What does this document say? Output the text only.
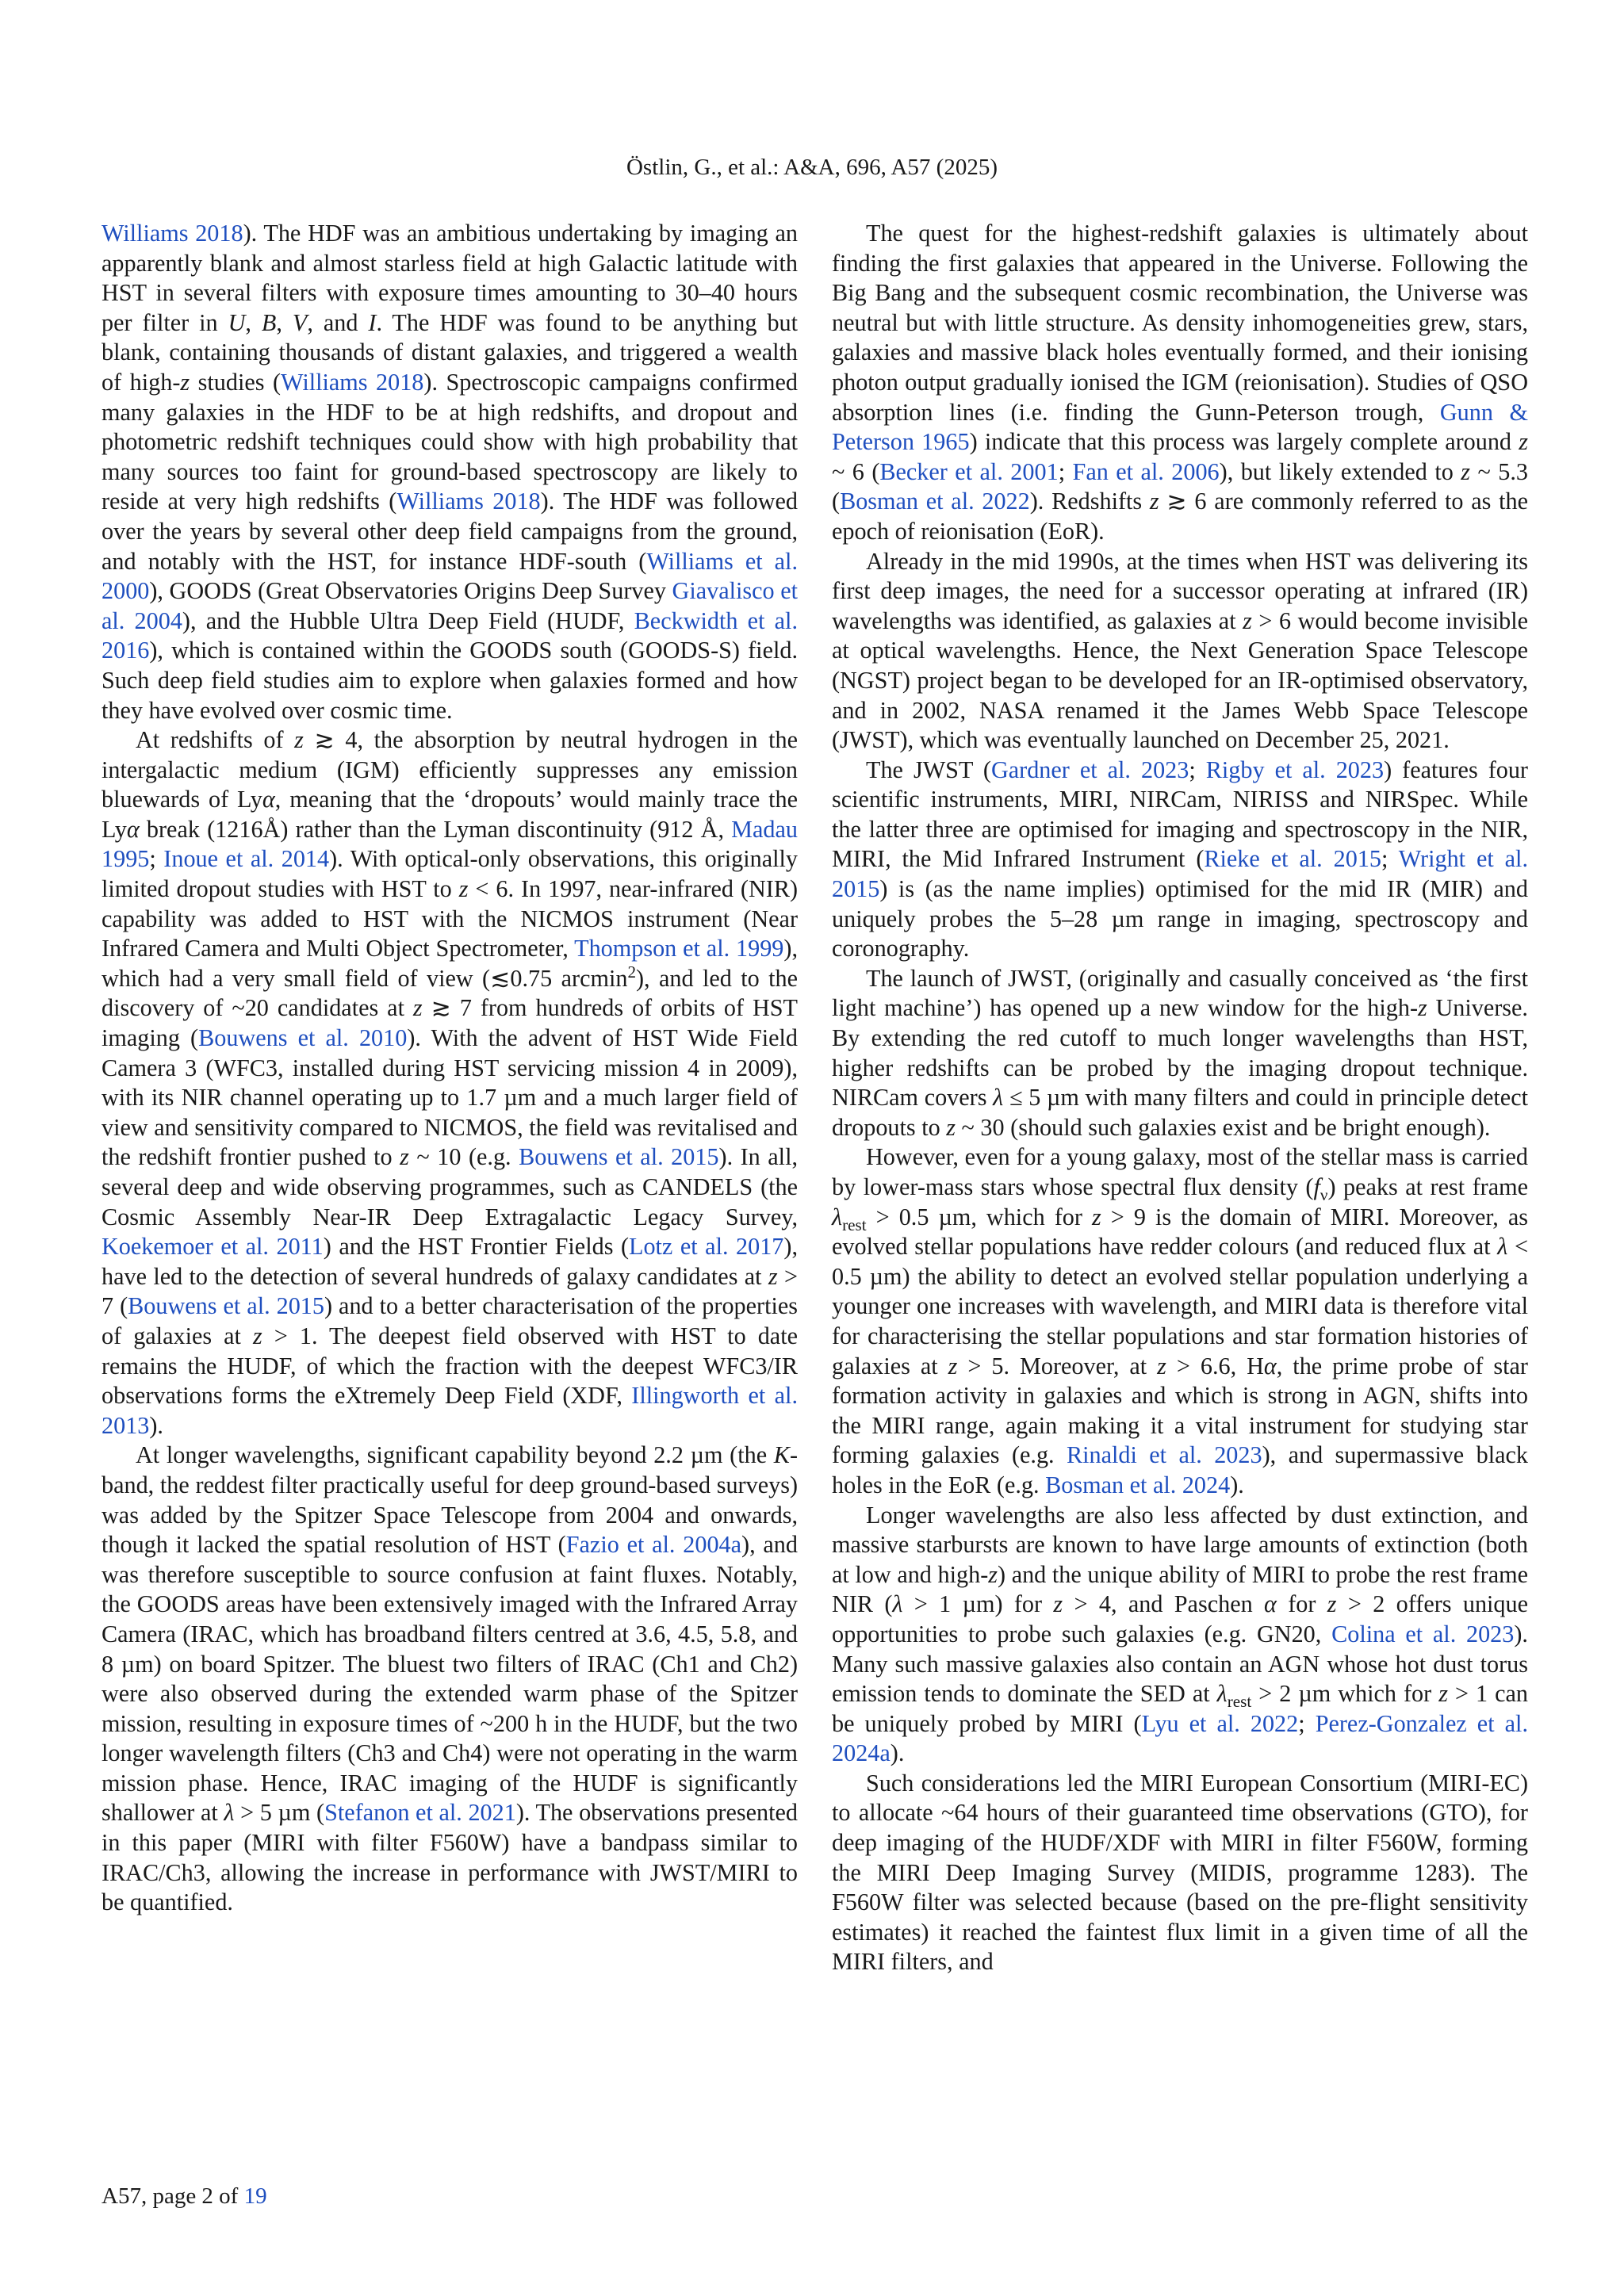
Östlin, G., et al.: A&A, 696, A57 (2025)

Williams 2018). The HDF was an ambitious undertaking by imaging an apparently blank and almost starless field at high Galactic latitude with HST in several filters with exposure times amounting to 30–40 hours per filter in U, B, V, and I. The HDF was found to be anything but blank, containing thousands of distant galaxies, and triggered a wealth of high-z studies (Williams 2018). Spectroscopic campaigns confirmed many galaxies in the HDF to be at high redshifts, and dropout and photometric redshift techniques could show with high probability that many sources too faint for ground-based spectroscopy are likely to reside at very high redshifts (Williams 2018). The HDF was followed over the years by several other deep field campaigns from the ground, and notably with the HST, for instance HDF-south (Williams et al. 2000), GOODS (Great Observatories Origins Deep Survey Giavalisco et al. 2004), and the Hubble Ultra Deep Field (HUDF, Beckwidth et al. 2016), which is contained within the GOODS south (GOODS-S) field. Such deep field studies aim to explore when galaxies formed and how they have evolved over cosmic time.

At redshifts of z ≳ 4, the absorption by neutral hydrogen in the intergalactic medium (IGM) efficiently suppresses any emission bluewards of Lyα, meaning that the ‘dropouts’ would mainly trace the Lyα break (1216Å) rather than the Lyman discontinuity (912 Å, Madau 1995; Inoue et al. 2014). With optical-only observations, this originally limited dropout studies with HST to z < 6. In 1997, near-infrared (NIR) capability was added to HST with the NICMOS instrument (Near Infrared Camera and Multi Object Spectrometer, Thompson et al. 1999), which had a very small field of view (≲0.75 arcmin$^2$), and led to the discovery of ~20 candidates at z ≳ 7 from hundreds of orbits of HST imaging (Bouwens et al. 2010). With the advent of HST Wide Field Camera 3 (WFC3, installed during HST servicing mission 4 in 2009), with its NIR channel operating up to 1.7 µm and a much larger field of view and sensitivity compared to NICMOS, the field was revitalised and the redshift frontier pushed to z ~ 10 (e.g. Bouwens et al. 2015). In all, several deep and wide observing programmes, such as CANDELS (the Cosmic Assembly Near-IR Deep Extragalactic Legacy Survey, Koekemoer et al. 2011) and the HST Frontier Fields (Lotz et al. 2017), have led to the detection of several hundreds of galaxy candidates at z > 7 (Bouwens et al. 2015) and to a better characterisation of the properties of galaxies at z > 1. The deepest field observed with HST to date remains the HUDF, of which the fraction with the deepest WFC3/IR observations forms the eXtremely Deep Field (XDF, Illingworth et al. 2013).

At longer wavelengths, significant capability beyond 2.2 µm (the K-band, the reddest filter practically useful for deep ground-based surveys) was added by the Spitzer Space Telescope from 2004 and onwards, though it lacked the spatial resolution of HST (Fazio et al. 2004a), and was therefore susceptible to source confusion at faint fluxes. Notably, the GOODS areas have been extensively imaged with the Infrared Array Camera (IRAC, which has broadband filters centred at 3.6, 4.5, 5.8, and 8 µm) on board Spitzer. The bluest two filters of IRAC (Ch1 and Ch2) were also observed during the extended warm phase of the Spitzer mission, resulting in exposure times of ~200 h in the HUDF, but the two longer wavelength filters (Ch3 and Ch4) were not operating in the warm mission phase. Hence, IRAC imaging of the HUDF is significantly shallower at λ > 5 µm (Stefanon et al. 2021). The observations presented in this paper (MIRI with filter F560W) have a bandpass similar to IRAC/Ch3, allowing the increase in performance with JWST/MIRI to be quantified.

The quest for the highest-redshift galaxies is ultimately about finding the first galaxies that appeared in the Universe. Following the Big Bang and the subsequent cosmic recombination, the Universe was neutral but with little structure. As density inhomogeneities grew, stars, galaxies and massive black holes eventually formed, and their ionising photon output gradually ionised the IGM (reionisation). Studies of QSO absorption lines (i.e. finding the Gunn-Peterson trough, Gunn & Peterson 1965) indicate that this process was largely complete around z ~ 6 (Becker et al. 2001; Fan et al. 2006), but likely extended to z ~ 5.3 (Bosman et al. 2022). Redshifts z ≳ 6 are commonly referred to as the epoch of reionisation (EoR).

Already in the mid 1990s, at the times when HST was delivering its first deep images, the need for a successor operating at infrared (IR) wavelengths was identified, as galaxies at z > 6 would become invisible at optical wavelengths. Hence, the Next Generation Space Telescope (NGST) project began to be developed for an IR-optimised observatory, and in 2002, NASA renamed it the James Webb Space Telescope (JWST), which was eventually launched on December 25, 2021.

The JWST (Gardner et al. 2023; Rigby et al. 2023) features four scientific instruments, MIRI, NIRCam, NIRISS and NIRSpec. While the latter three are optimised for imaging and spectroscopy in the NIR, MIRI, the Mid Infrared Instrument (Rieke et al. 2015; Wright et al. 2015) is (as the name implies) optimised for the mid IR (MIR) and uniquely probes the 5–28 µm range in imaging, spectroscopy and coronography.

The launch of JWST, (originally and casually conceived as ‘the first light machine’) has opened up a new window for the high-z Universe. By extending the red cutoff to much longer wavelengths than HST, higher redshifts can be probed by the imaging dropout technique. NIRCam covers λ ≤ 5 µm with many filters and could in principle detect dropouts to z ~ 30 (should such galaxies exist and be bright enough).

However, even for a young galaxy, most of the stellar mass is carried by lower-mass stars whose spectral flux density $(f_\nu)$ peaks at rest frame $\lambda_{rest} > 0.5$ µm, which for z > 9 is the domain of MIRI. Moreover, as evolved stellar populations have redder colours (and reduced flux at λ < 0.5 µm) the ability to detect an evolved stellar population underlying a younger one increases with wavelength, and MIRI data is therefore vital for characterising the stellar populations and star formation histories of galaxies at z > 5. Moreover, at z > 6.6, Hα, the prime probe of star formation activity in galaxies and which is strong in AGN, shifts into the MIRI range, again making it a vital instrument for studying star forming galaxies (e.g. Rinaldi et al. 2023), and supermassive black holes in the EoR (e.g. Bosman et al. 2024).

Longer wavelengths are also less affected by dust extinction, and massive starbursts are known to have large amounts of extinction (both at low and high-z) and the unique ability of MIRI to probe the rest frame NIR (λ > 1 µm) for z > 4, and Paschen α for z > 2 offers unique opportunities to probe such galaxies (e.g. GN20, Colina et al. 2023). Many such massive galaxies also contain an AGN whose hot dust torus emission tends to dominate the SED at $\lambda_{rest} > 2$ µm which for z > 1 can be uniquely probed by MIRI (Lyu et al. 2022; Perez-Gonzalez et al. 2024a).

Such considerations led the MIRI European Consortium (MIRI-EC) to allocate ~64 hours of their guaranteed time observations (GTO), for deep imaging of the HUDF/XDF with MIRI in filter F560W, forming the MIRI Deep Imaging Survey (MIDIS, programme 1283). The F560W filter was selected because (based on the pre-flight sensitivity estimates) it reached the faintest flux limit in a given time of all the MIRI filters, and

A57, page 2 of 19
